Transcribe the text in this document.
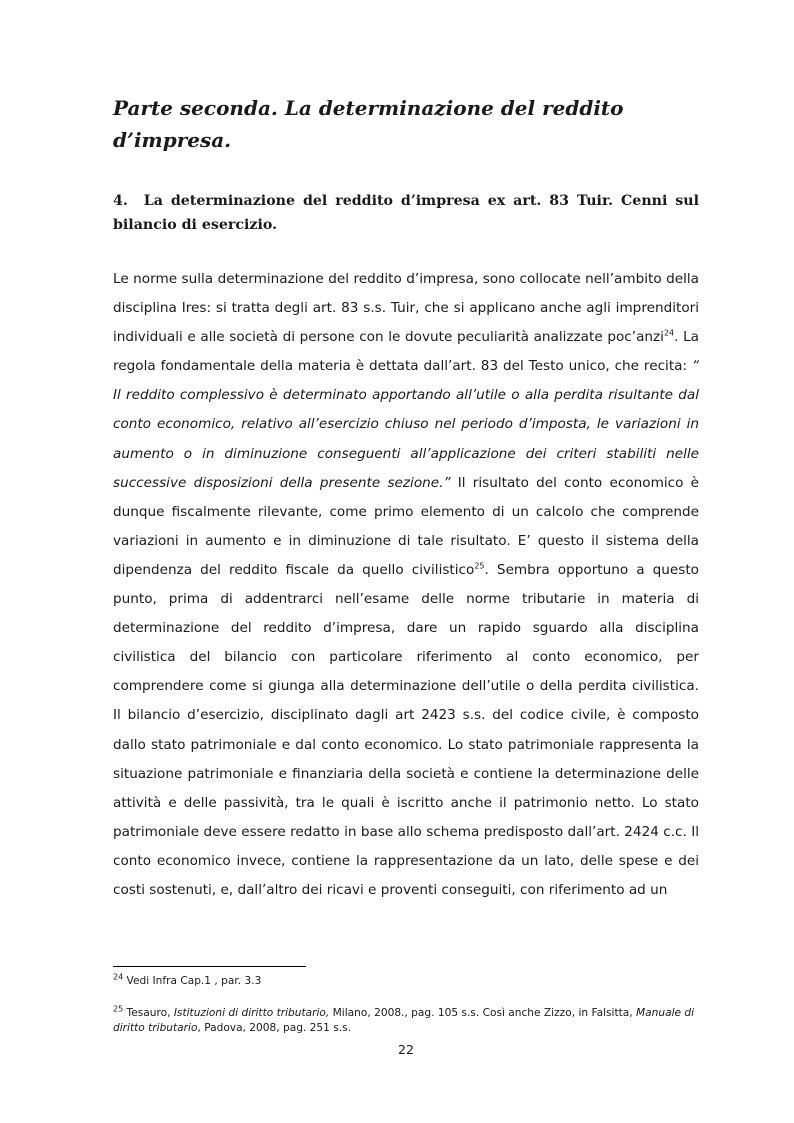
Parte seconda. La determinazione del reddito d’impresa.
4. La determinazione del reddito d’impresa ex art. 83 Tuir. Cenni sul bilancio di esercizio.

Le norme sulla determinazione del reddito d’impresa, sono collocate nell’ambito della disciplina Ires: si tratta degli art. 83 s.s. Tuir, che si applicano anche agli imprenditori individuali e alle società di persone con le dovute peculiarità analizzate poc’anzi$^{24}$. La regola fondamentale della materia è dettata dall’art. 83 del Testo unico, che recita: “ Il reddito complessivo è determinato apportando all’utile o alla perdita risultante dal conto economico, relativo all’esercizio chiuso nel periodo d’imposta, le variazioni in aumento o in diminuzione conseguenti all’applicazione dei criteri stabiliti nelle successive disposizioni della presente sezione.” Il risultato del conto economico è dunque fiscalmente rilevante, come primo elemento di un calcolo che comprende variazioni in aumento e in diminuzione di tale risultato. E’ questo il sistema della dipendenza del reddito fiscale da quello civilistico$^{25}$. Sembra opportuno a questo punto, prima di addentrarci nell’esame delle norme tributarie in materia di determinazione del reddito d’impresa, dare un rapido sguardo alla disciplina civilistica del bilancio con particolare riferimento al conto economico, per comprendere come si giunga alla determinazione dell’utile o della perdita civilistica. Il bilancio d’esercizio, disciplinato dagli art 2423 s.s. del codice civile, è composto dallo stato patrimoniale e dal conto economico. Lo stato patrimoniale rappresenta la situazione patrimoniale e finanziaria della società e contiene la determinazione delle attività e delle passività, tra le quali è iscritto anche il patrimonio netto. Lo stato patrimoniale deve essere redatto in base allo schema predisposto dall’art. 2424 c.c. Il conto economico invece, contiene la rappresentazione da un lato, delle spese e dei costi sostenuti, e, dall’altro dei ricavi e proventi conseguiti, con riferimento ad un

$^{24}$ Vedi Infra Cap.1 , par. 3.3

$^{25}$ Tesauro, Istituzioni di diritto tributario, Milano, 2008., pag. 105 s.s. Così anche Zizzo, in Falsitta, Manuale di diritto tributario, Padova, 2008, pag. 251 s.s.

22
